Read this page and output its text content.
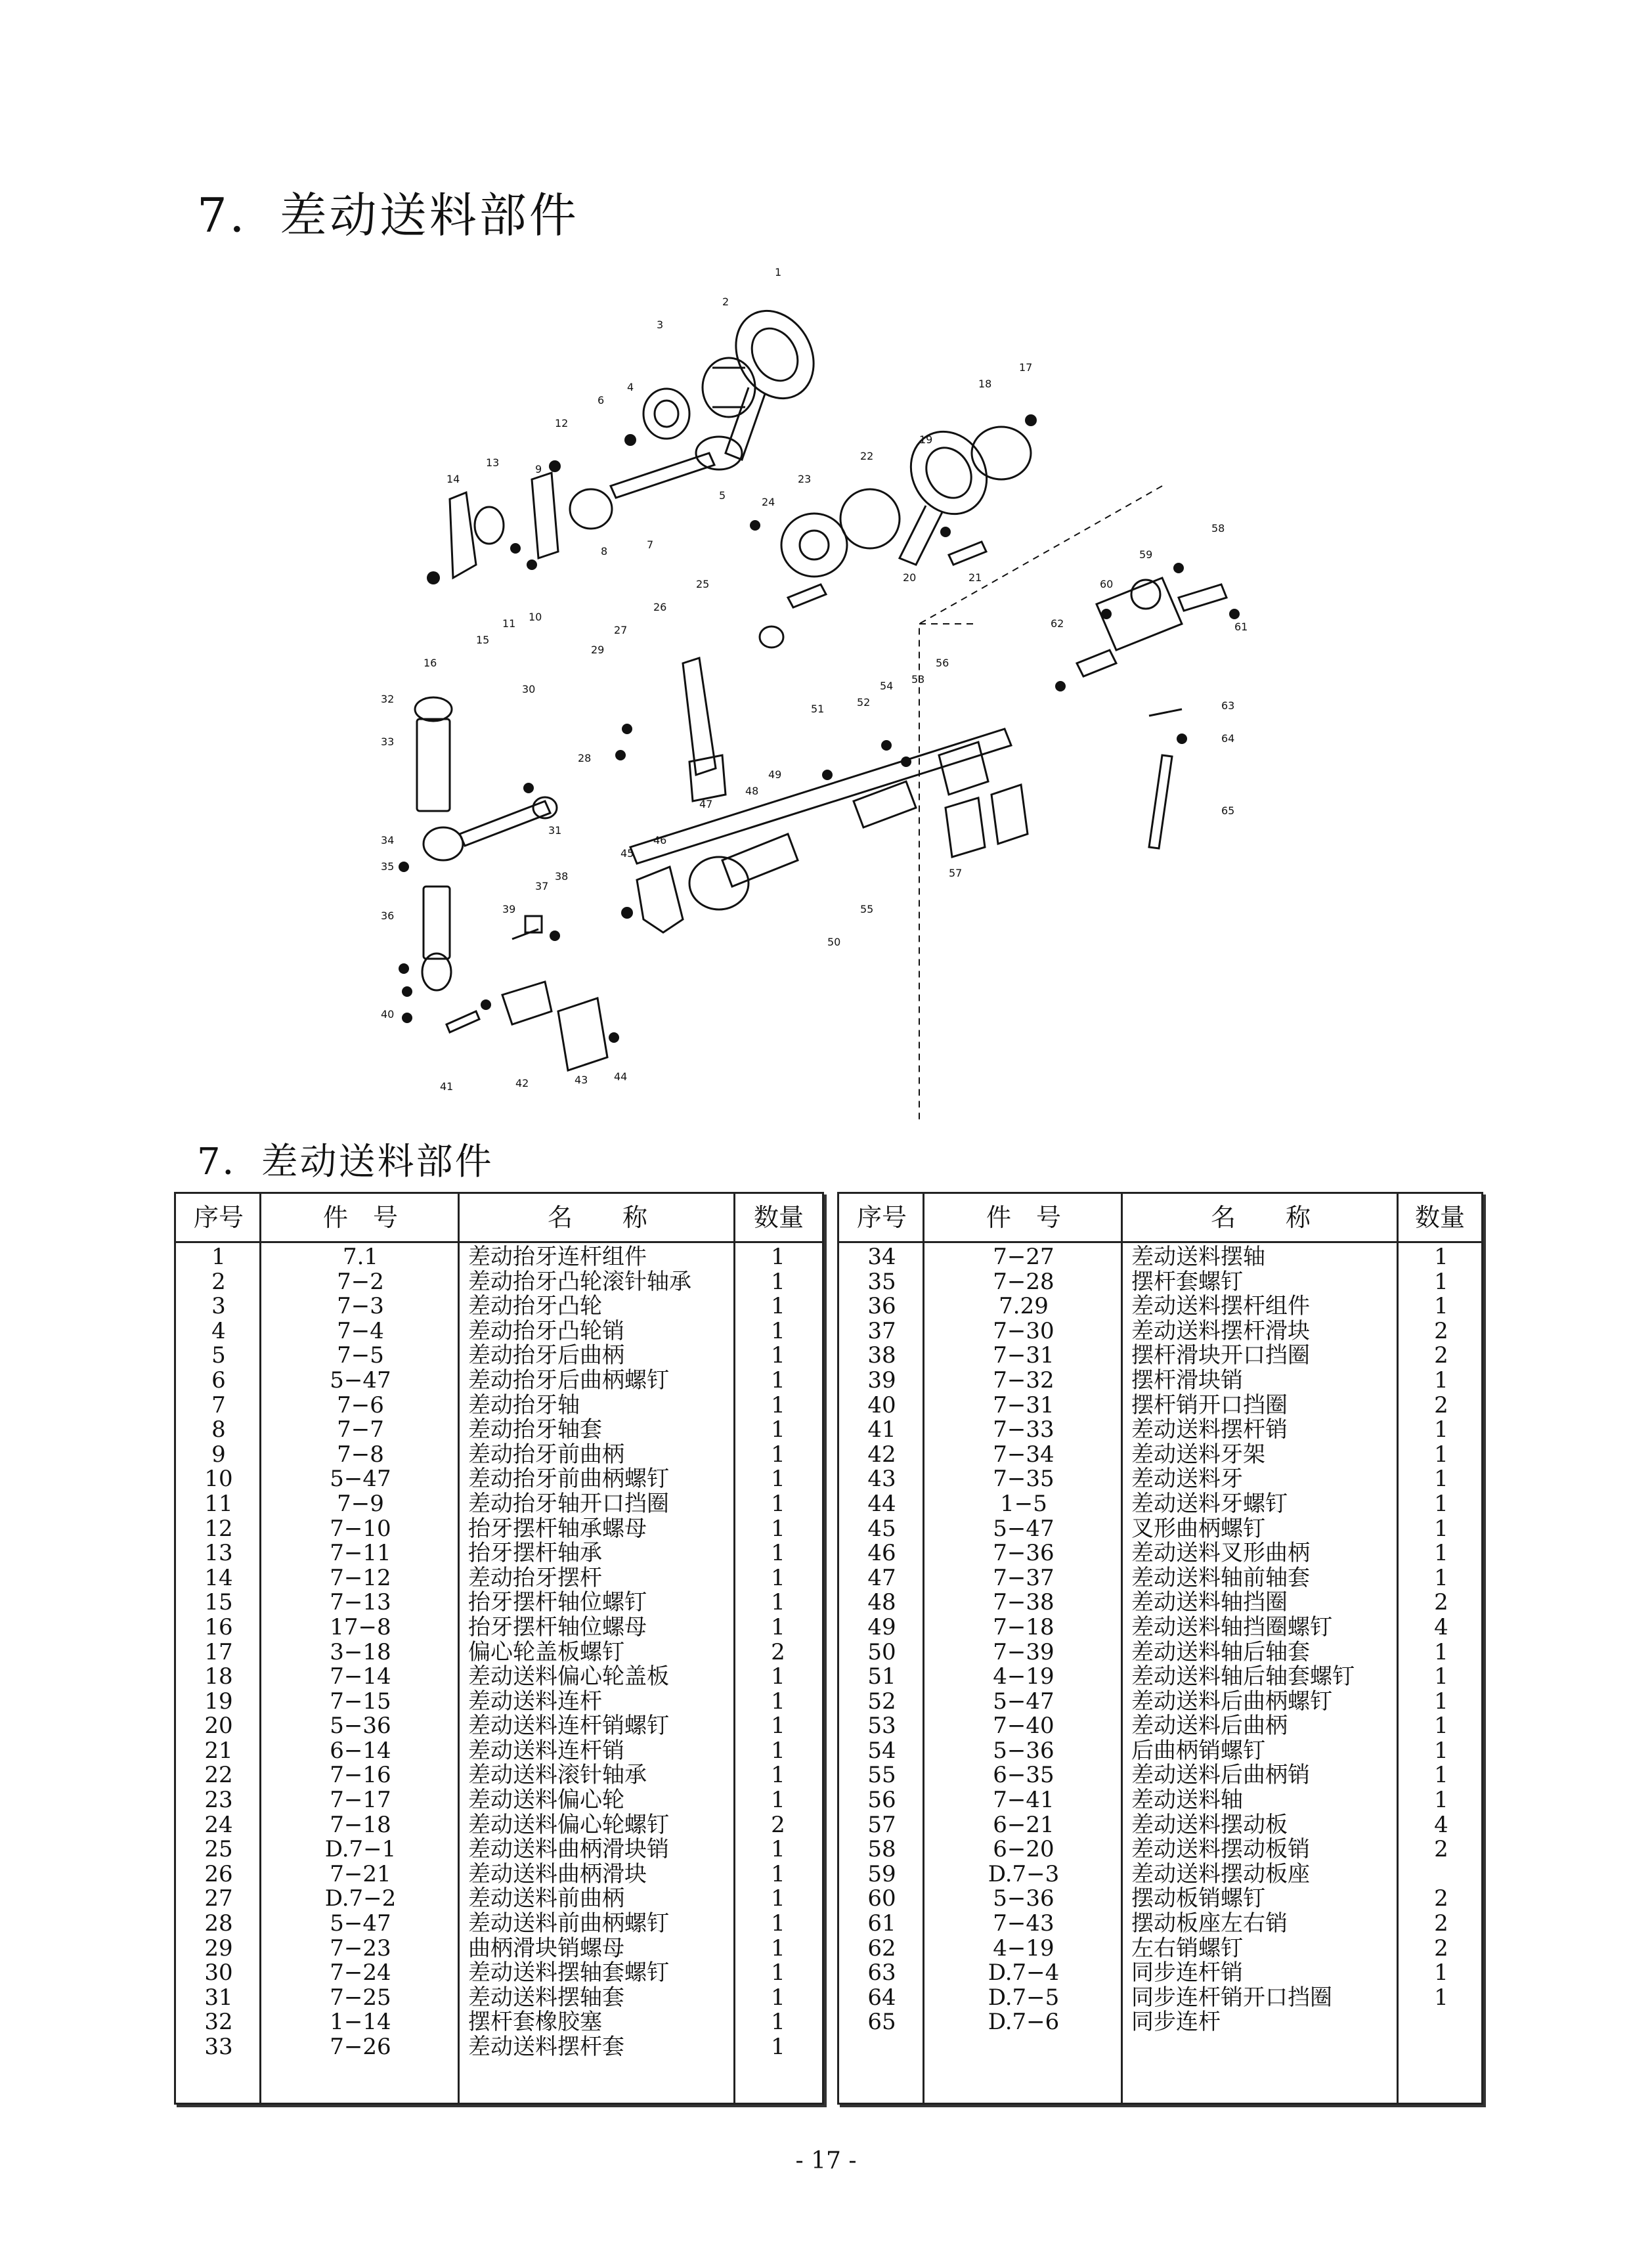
7．差动送料部件
1
2
3
4
5
6
7
8
9
10
11
12
13
14
15
16
17
18
19
20	21
22
23
24
25
26
27
28
29
30
31
32
33
34
35
36
37
38
39
40
41	42	43 44
45
46
47
48
49
50
51
52
53
54
55
56
57
58
59
60
61
62
63
64
65
7．差动送料部件
序号	件　号	名　　称	数量
1	7.1	差动抬牙连杆组件	1
2	7−2	差动抬牙凸轮滚针轴承	1
3	7−3	差动抬牙凸轮	1
4	7−4	差动抬牙凸轮销	1
5	7−5	差动抬牙后曲柄	1
6	5−47	差动抬牙后曲柄螺钉	1
7	7−6	差动抬牙轴	1
8	7−7	差动抬牙轴套	1
9	7−8	差动抬牙前曲柄	1
10	5−47	差动抬牙前曲柄螺钉	1
11	7−9	差动抬牙轴开口挡圈	1
12	7−10	抬牙摆杆轴承螺母	1
13	7−11	抬牙摆杆轴承	1
14	7−12	差动抬牙摆杆	1
15	7−13	抬牙摆杆轴位螺钉	1
16	17−8	抬牙摆杆轴位螺母	1
17	3−18	偏心轮盖板螺钉	2
18	7−14	差动送料偏心轮盖板	1
19	7−15	差动送料连杆	1
20	5−36	差动送料连杆销螺钉	1
21	6−14	差动送料连杆销	1
22	7−16	差动送料滚针轴承	1
23	7−17	差动送料偏心轮	1
24	7−18	差动送料偏心轮螺钉	2
25	D.7−1	差动送料曲柄滑块销	1
26	7−21	差动送料曲柄滑块	1
27	D.7−2	差动送料前曲柄	1
28	5−47	差动送料前曲柄螺钉	1
29	7−23	曲柄滑块销螺母	1
30	7−24	差动送料摆轴套螺钉	1
31	7−25	差动送料摆轴套	1
32	1−14	摆杆套橡胶塞	1
33	7−26	差动送料摆杆套	1
序号	件　号	名　　称	数量
34	7−27	差动送料摆轴	1
35	7−28	摆杆套螺钉	1
36	7.29	差动送料摆杆组件	1
37	7−30	差动送料摆杆滑块	2
38	7−31	摆杆滑块开口挡圈	2
39	7−32	摆杆滑块销	1
40	7−31	摆杆销开口挡圈	2
41	7−33	差动送料摆杆销	1
42	7−34	差动送料牙架	1
43	7−35	差动送料牙	1
44	1−5	差动送料牙螺钉	1
45	5−47	叉形曲柄螺钉	1
46	7−36	差动送料叉形曲柄	1
47	7−37	差动送料轴前轴套	1
48	7−38	差动送料轴挡圈	2
49	7−18	差动送料轴挡圈螺钉	4
50	7−39	差动送料轴后轴套	1
51	4−19	差动送料轴后轴套螺钉	1
52	5−47	差动送料后曲柄螺钉	1
53	7−40	差动送料后曲柄	1
54	5−36	后曲柄销螺钉	1
55	6−35	差动送料后曲柄销	1
56	7−41	差动送料轴	1
57	6−21	差动送料摆动板	4
58	6−20	差动送料摆动板销	2
59	D.7−3	差动送料摆动板座
60	5−36	摆动板销螺钉	2
61	7−43	摆动板座左右销	2
62	4−19	左右销螺钉	2
63	D.7−4	同步连杆销	1
64	D.7−5	同步连杆销开口挡圈	1
65	D.7−6	同步连杆
- 17 -
